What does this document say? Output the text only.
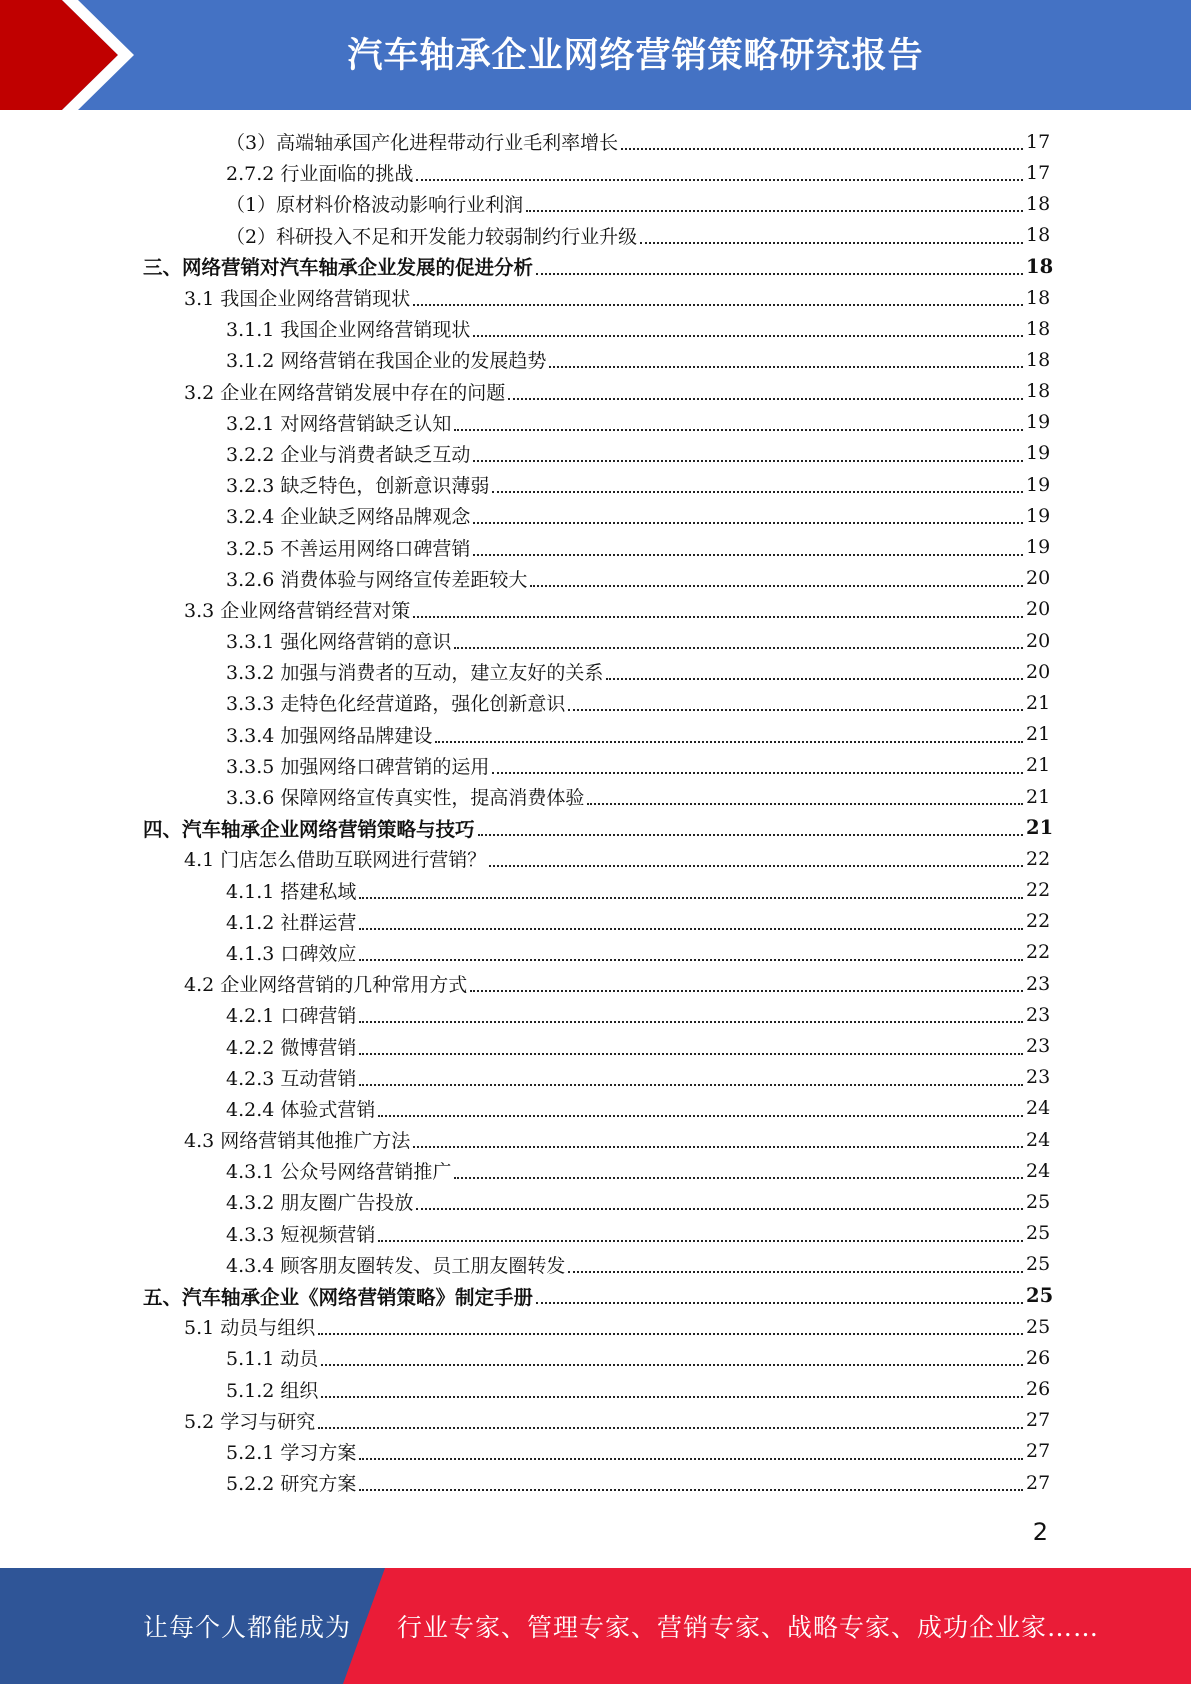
汽车轴承企业网络营销策略研究报告
（3）高端轴承国产化进程带动行业毛利率增长	17
2.7.2 行业面临的挑战	17
（1）原材料价格波动影响行业利润	18
（2）科研投入不足和开发能力较弱制约行业升级	18
三、网络营销对汽车轴承企业发展的促进分析	18
3.1 我国企业网络营销现状	18
3.1.1 我国企业网络营销现状	18
3.1.2 网络营销在我国企业的发展趋势	18
3.2 企业在网络营销发展中存在的问题	18
3.2.1 对网络营销缺乏认知	19
3.2.2 企业与消费者缺乏互动	19
3.2.3 缺乏特色，创新意识薄弱	19
3.2.4 企业缺乏网络品牌观念	19
3.2.5 不善运用网络口碑营销	19
3.2.6 消费体验与网络宣传差距较大	20
3.3 企业网络营销经营对策	20
3.3.1 强化网络营销的意识	20
3.3.2 加强与消费者的互动，建立友好的关系	20
3.3.3 走特色化经营道路，强化创新意识	21
3.3.4 加强网络品牌建设	21
3.3.5 加强网络口碑营销的运用	21
3.3.6 保障网络宣传真实性，提高消费体验	21
四、汽车轴承企业网络营销策略与技巧	21
4.1 门店怎么借助互联网进行营销？	22
4.1.1 搭建私域	22
4.1.2 社群运营	22
4.1.3 口碑效应	22
4.2 企业网络营销的几种常用方式	23
4.2.1 口碑营销	23
4.2.2 微博营销	23
4.2.3 互动营销	23
4.2.4 体验式营销	24
4.3 网络营销其他推广方法	24
4.3.1 公众号网络营销推广	24
4.3.2 朋友圈广告投放	25
4.3.3 短视频营销	25
4.3.4 顾客朋友圈转发、员工朋友圈转发	25
五、汽车轴承企业《网络营销策略》制定手册	25
5.1 动员与组织	25
5.1.1 动员	26
5.1.2 组织	26
5.2 学习与研究	27
5.2.1 学习方案	27
5.2.2 研究方案	27
2
让每个人都能成为 行业专家、管理专家、营销专家、战略专家、成功企业家……
